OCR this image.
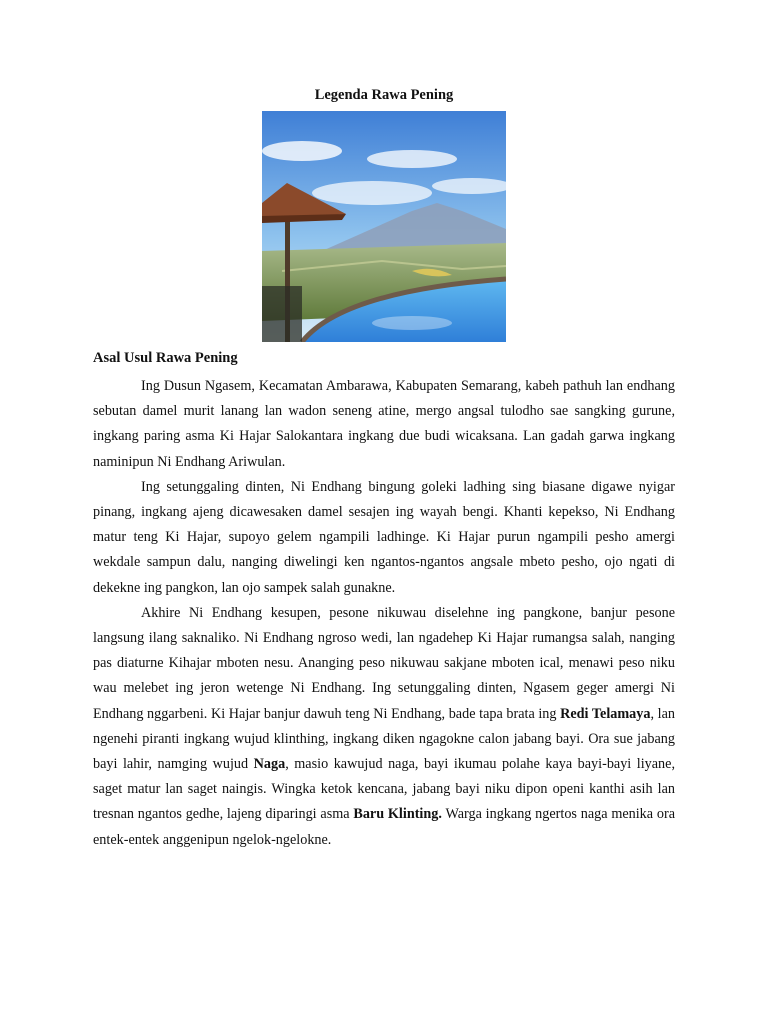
Legenda Rawa Pening
Asal Usul Rawa Pening

Ing Dusun Ngasem, Kecamatan Ambarawa, Kabupaten Semarang, kabeh pathuh lan endhang sebutan damel murit lanang lan wadon seneng atine, mergo angsal tulodho sae sangking gurune, ingkang paring asma Ki Hajar Salokantara ingkang due budi wicaksana. Lan gadah garwa ingkang naminipun Ni Endhang Ariwulan.

Ing setunggaling dinten, Ni Endhang bingung goleki ladhing sing biasane digawe nyigar pinang, ingkang ajeng dicawesaken damel sesajen ing wayah bengi. Khanti kepekso, Ni Endhang matur teng Ki Hajar, supoyo gelem ngampili ladhinge. Ki Hajar purun ngampili pesho amergi wekdale sampun dalu, nanging diwelingi ken ngantos-ngantos angsale mbeto pesho, ojo ngati di dekekne ing pangkon, lan ojo sampek salah gunakne.

Akhire Ni Endhang kesupen, pesone nikuwau diselehne ing pangkone, banjur pesone langsung ilang saknaliko. Ni Endhang ngroso wedi, lan ngadehep Ki Hajar rumangsa salah, nanging pas diaturne Kihajar mboten nesu. Ananging peso nikuwau sakjane mboten ical, menawi peso niku wau melebet ing jeron wetenge Ni Endhang. Ing setunggaling dinten, Ngasem geger amergi Ni Endhang nggarbeni. Ki Hajar banjur dawuh teng Ni Endhang, bade tapa brata ing Redi Telamaya, lan ngenehi piranti ingkang wujud klinthing, ingkang diken ngagokne calon jabang bayi. Ora sue jabang bayi lahir, namging wujud Naga, masio kawujud naga, bayi ikumau polahe kaya bayi-bayi liyane, saget matur lan saget naingis. Wingka ketok kencana, jabang bayi niku dipon openi kanthi asih lan tresnan ngantos gedhe, lajeng diparingi asma Baru Klinting. Warga ingkang ngertos naga menika ora entek-entek anggenipun ngelok-ngelokne.
